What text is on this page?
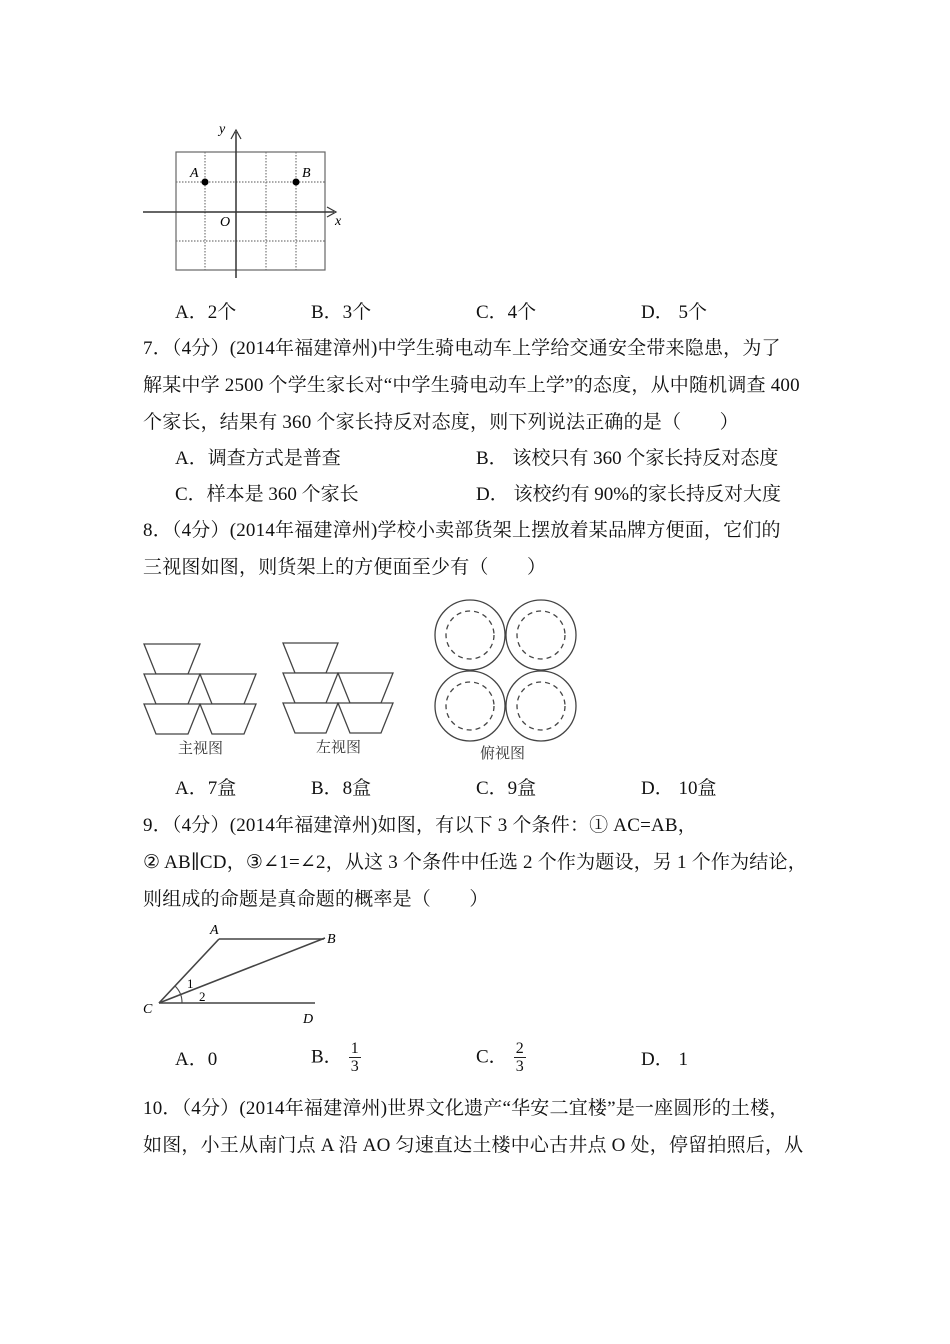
y
x
O
A	B
A．2个	B．3个	C．4个	D． 5个
7．（4分）(2014年福建漳州)中学生骑电动车上学给交通安全带来隐患，为了
解某中学 2500 个学生家长对“中学生骑电动车上学”的态度，从中随机调查 400
个家长，结果有 360 个家长持反对态度，则下列说法正确的是（　　）
A．调查方式是普查	B． 该校只有 360 个家长持反对态度
C．样本是 360 个家长	D． 该校约有 90%的家长持反对大度
8．（4分）(2014年福建漳州)学校小卖部货架上摆放着某品牌方便面，它们的
三视图如图，则货架上的方便面至少有（　　）
主视图	左视图	俯视图
A．7盒	B．8盒	C．9盒	D． 10盒
9．（4分）(2014年福建漳州)如图，有以下 3 个条件：① AC=AB，
② AB∥CD，③∠1=∠2，从这 3 个条件中任选 2 个作为题设，另 1 个作为结论，
则组成的命题是真命题的概率是（　　）
A
B
C
D
1
2
A．0	B． $\frac{1}{3}$	C． $\frac{2}{3}$	D． 1
10．（4分）(2014年福建漳州)世界文化遗产“华安二宜楼”是一座圆形的土楼，
如图，小王从南门点 A 沿 AO 匀速直达土楼中心古井点 O 处，停留拍照后，从
